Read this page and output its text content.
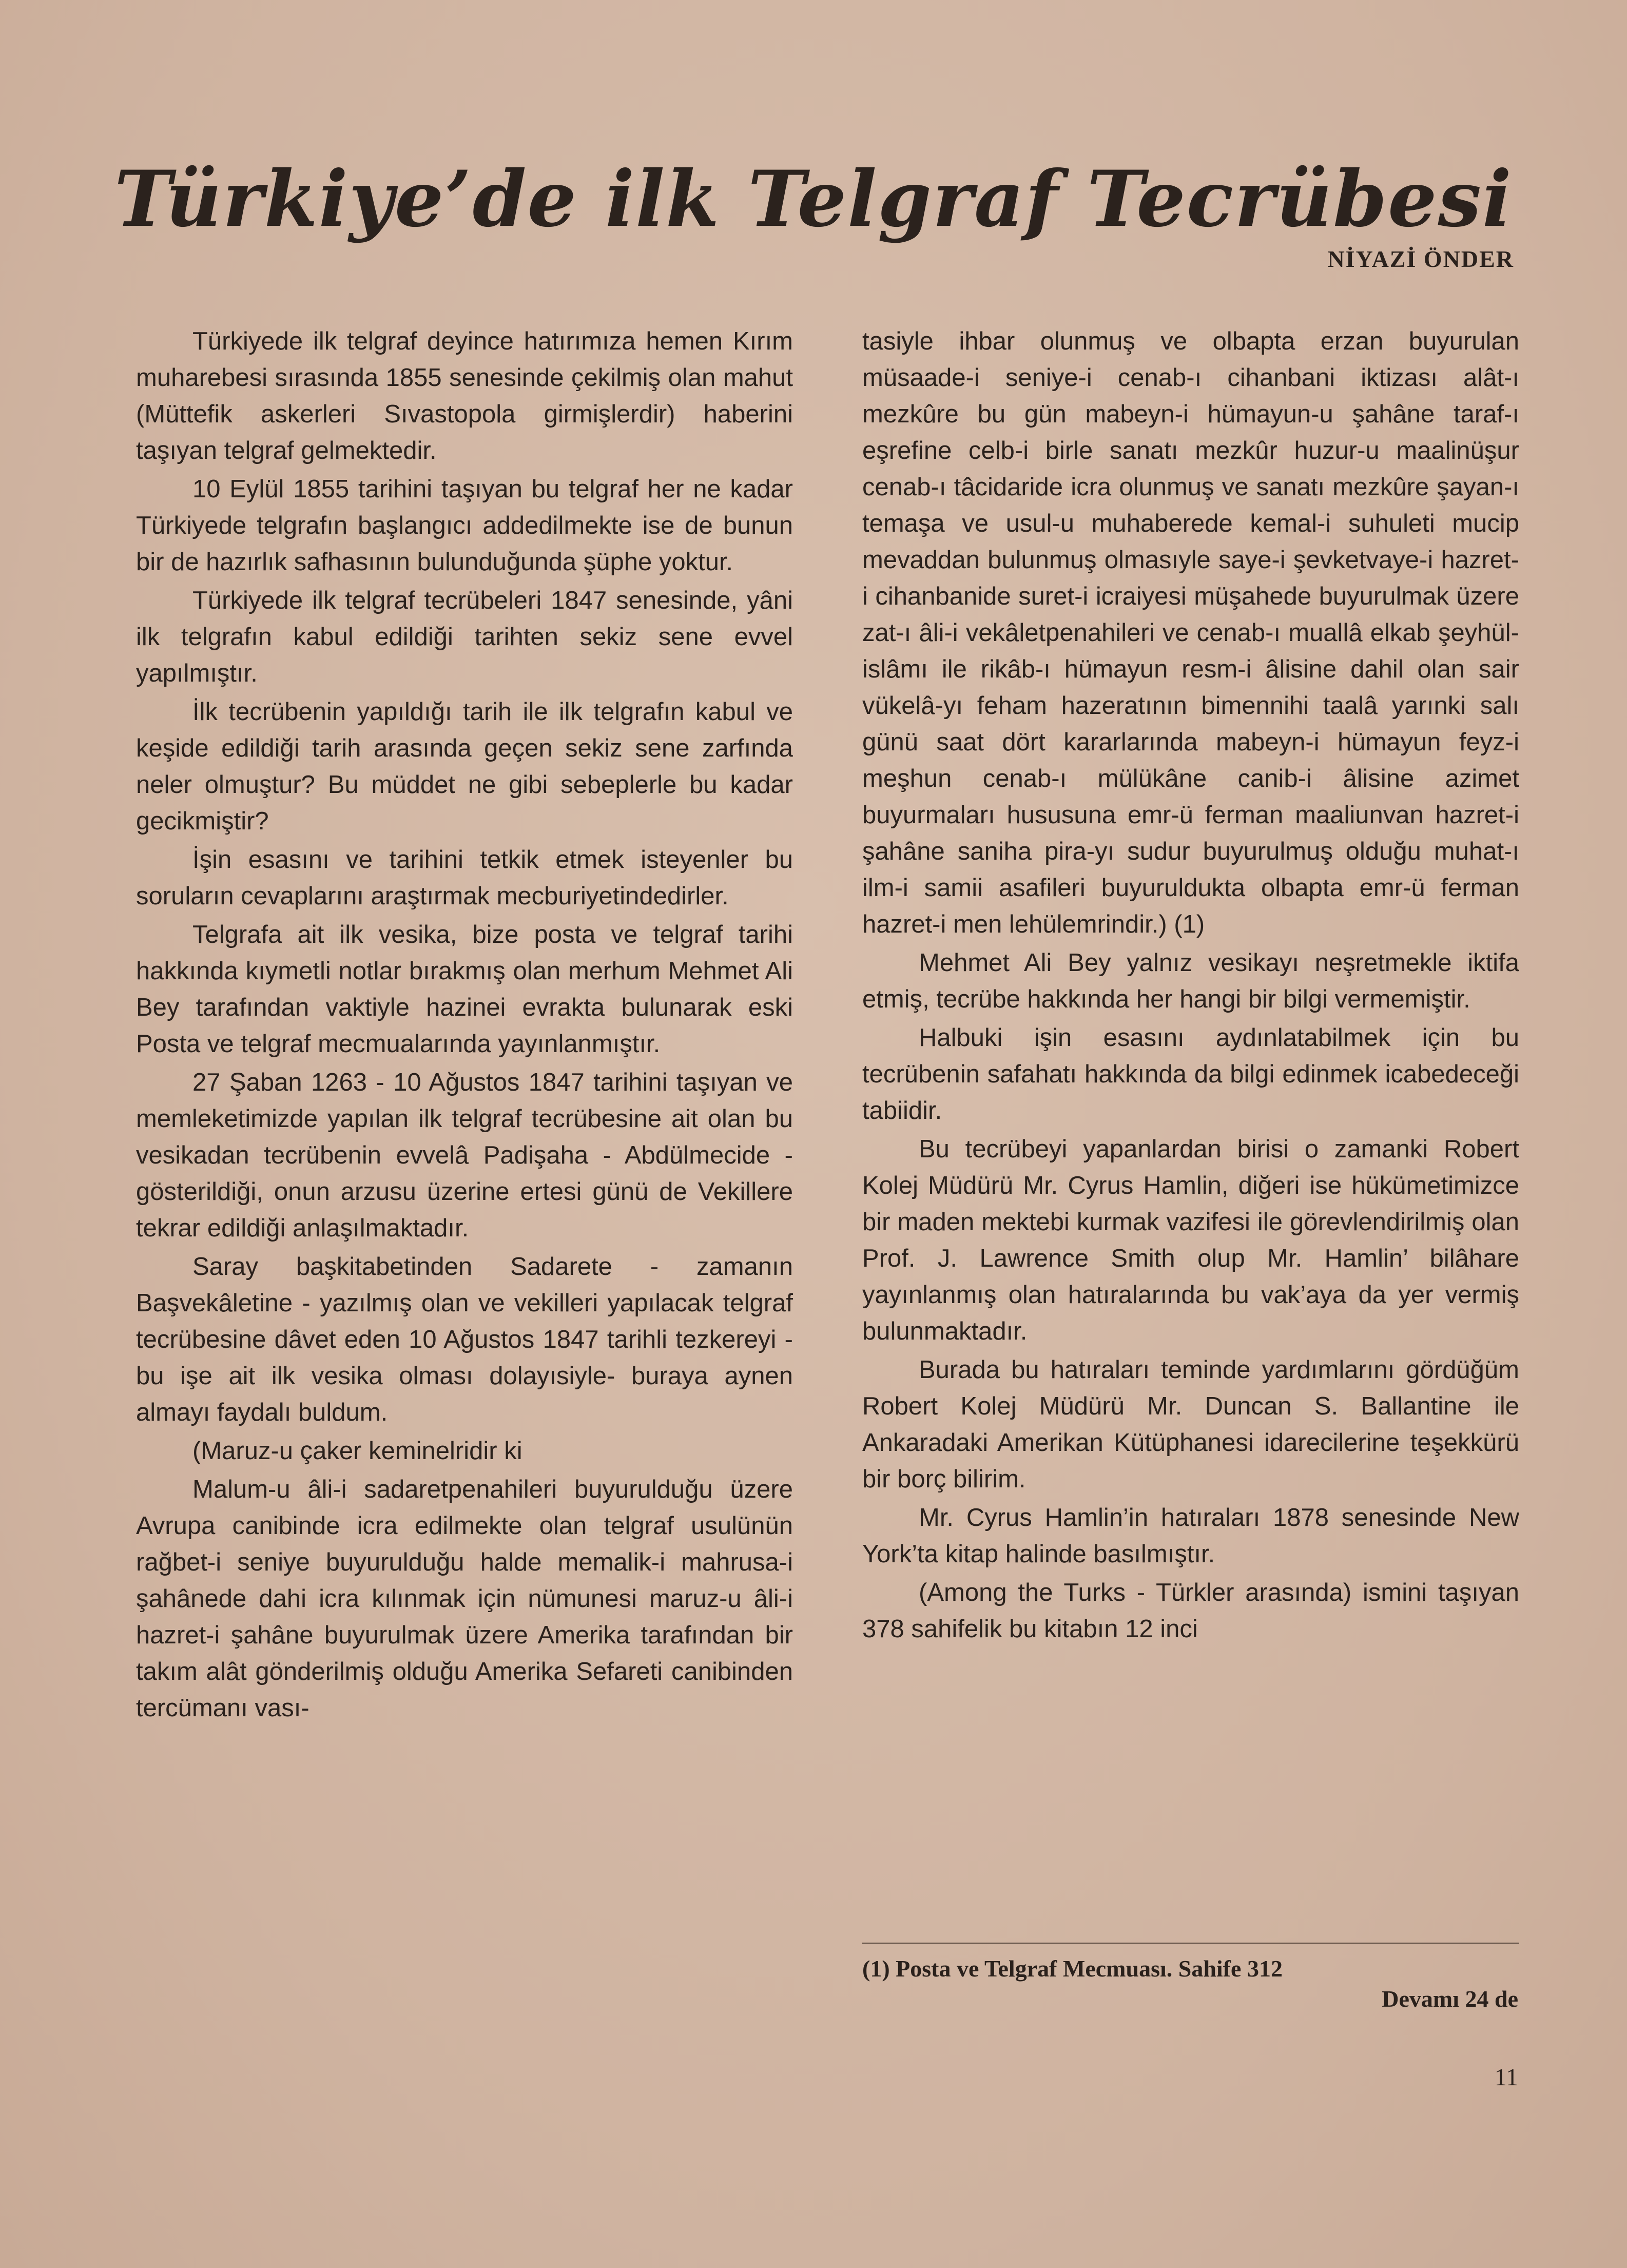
Türkiye’de ilk Telgraf Tecrübesi
NİYAZİ ÖNDER

Türkiyede ilk telgraf deyince hatırımıza hemen Kırım muharebesi sırasında 1855 senesinde çekilmiş olan mahut (Müttefik askerleri Sıvastopola girmişlerdir) haberini taşıyan telgraf gelmektedir.

10 Eylül 1855 tarihini taşıyan bu telgraf her ne kadar Türkiyede telgrafın başlangıcı addedilmekte ise de bunun bir de hazırlık safhasının bulunduğunda şüphe yoktur.

Türkiyede ilk telgraf tecrübeleri 1847 senesinde, yâni ilk telgrafın kabul edildiği tarihten sekiz sene evvel yapılmıştır.

İlk tecrübenin yapıldığı tarih ile ilk telgrafın kabul ve keşide edildiği tarih arasında geçen sekiz sene zarfında neler olmuştur? Bu müddet ne gibi sebeplerle bu kadar gecikmiştir?

İşin esasını ve tarihini tetkik etmek isteyenler bu soruların cevaplarını araştırmak mecburiyetindedirler.

Telgrafa ait ilk vesika, bize posta ve telgraf tarihi hakkında kıymetli notlar bırakmış olan merhum Mehmet Ali Bey tarafından vaktiyle hazinei evrakta bulunarak eski Posta ve telgraf mecmualarında yayınlanmıştır.

27 Şaban 1263 - 10 Ağustos 1847 tarihini taşıyan ve memleketimizde yapılan ilk telgraf tecrübesine ait olan bu vesikadan tecrübenin evvelâ Padişaha - Abdülmecide - gösterildiği, onun arzusu üzerine ertesi günü de Vekillere tekrar edildiği anlaşılmaktadır.

Saray başkitabetinden Sadarete - zamanın Başvekâletine - yazılmış olan ve vekilleri yapılacak telgraf tecrübesine dâvet eden 10 Ağustos 1847 tarihli tezkereyi -bu işe ait ilk vesika olması dolayısiyle- buraya aynen almayı faydalı buldum.

(Maruz-u çaker keminelridir ki

Malum-u âli-i sadaretpenahileri buyurulduğu üzere Avrupa canibinde icra edilmekte olan telgraf usulünün rağbet-i seniye buyurulduğu halde memalik-i mahrusa-i şahânede dahi icra kılınmak için nümunesi maruz-u âli-i hazret-i şahâne buyurulmak üzere Amerika tarafından bir takım alât gönderilmiş olduğu Amerika Sefareti canibinden tercümanı vası-

tasiyle ihbar olunmuş ve olbapta erzan buyurulan müsaade-i seniye-i cenab-ı cihanbani iktizası alât-ı mezkûre bu gün mabeyn-i hümayun-u şahâne taraf-ı eşrefine celb-i birle sanatı mezkûr huzur-u maalinüşur cenab-ı tâcidaride icra olunmuş ve sanatı mezkûre şayan-ı temaşa ve usul-u muhaberede kemal-i suhuleti mucip mevaddan bulunmuş olmasıyle saye-i şevketvaye-i hazret-i cihanbanide suret-i icraiyesi müşahede buyurulmak üzere zat-ı âli-i vekâletpenahileri ve cenab-ı muallâ elkab şeyhül-islâmı ile rikâb-ı hümayun resm-i âlisine dahil olan sair vükelâ-yı feham hazeratının bimennihi taalâ yarınki salı günü saat dört kararlarında mabeyn-i hümayun feyz-i meşhun cenab-ı mülükâne canib-i âlisine azimet buyurmaları hususuna emr-ü ferman maaliunvan hazret-i şahâne saniha pira-yı sudur buyurulmuş olduğu muhat-ı ilm-i samii asafileri buyuruldukta olbapta emr-ü ferman hazret-i men lehülemrindir.) (1)

Mehmet Ali Bey yalnız vesikayı neşretmekle iktifa etmiş, tecrübe hakkında her hangi bir bilgi vermemiştir.

Halbuki işin esasını aydınlatabilmek için bu tecrübenin safahatı hakkında da bilgi edinmek icabedeceği tabiidir.

Bu tecrübeyi yapanlardan birisi o zamanki Robert Kolej Müdürü Mr. Cyrus Hamlin, diğeri ise hükümetimizce bir maden mektebi kurmak vazifesi ile görevlendirilmiş olan Prof. J. Lawrence Smith olup Mr. Hamlin’ bilâhare yayınlanmış olan hatıralarında bu vak’aya da yer vermiş bulunmaktadır.

Burada bu hatıraları teminde yardımlarını gördüğüm Robert Kolej Müdürü Mr. Duncan S. Ballantine ile Ankaradaki Amerikan Kütüphanesi idarecilerine teşekkürü bir borç bilirim.

Mr. Cyrus Hamlin’in hatıraları 1878 senesinde New York’ta kitap halinde basılmıştır.

(Among the Turks - Türkler arasında) ismini taşıyan 378 sahifelik bu kitabın 12 inci

(1) Posta ve Telgraf Mecmuası. Sahife 312
Devamı 24 de
11
